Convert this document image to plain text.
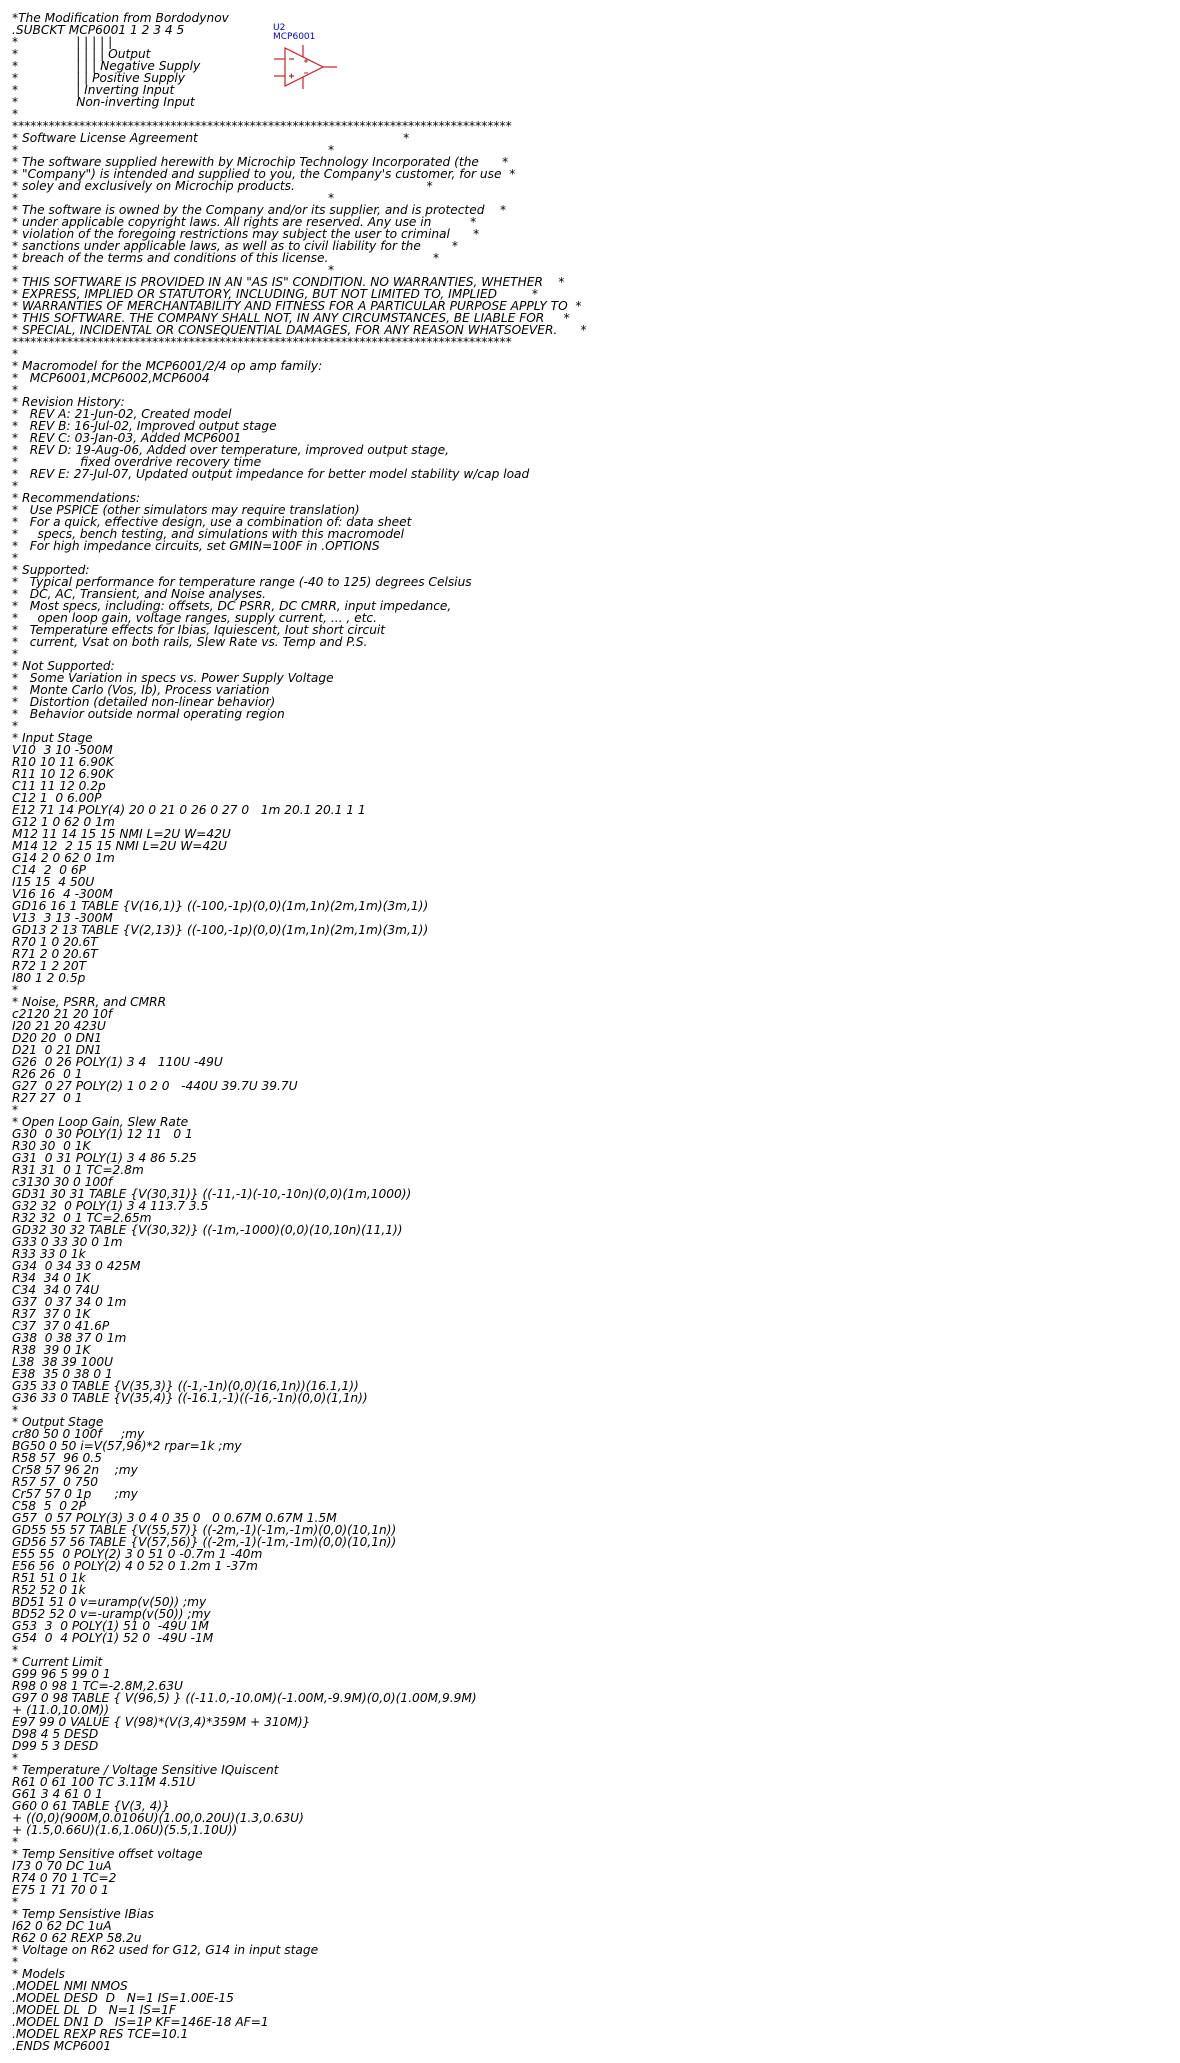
*The Modification from Bordodynov
.SUBCKT MCP6001 1 2 3 4 5
*               | | | | |
*               | | | | Output
*               | | | Negative Supply
*               | | Positive Supply
*               | Inverting Input
*               Non-inverting Input
*
**********************************************************************************
* Software License Agreement                                                     *
*                                                                                *
* The software supplied herewith by Microchip Technology Incorporated (the      *
* "Company") is intended and supplied to you, the Company's customer, for use  *
* soley and exclusively on Microchip products.                                  *
*                                                                                *
* The software is owned by the Company and/or its supplier, and is protected    *
* under applicable copyright laws. All rights are reserved. Any use in          *
* violation of the foregoing restrictions may subject the user to criminal      *
* sanctions under applicable laws, as well as to civil liability for the        *
* breach of the terms and conditions of this license.                           *
*                                                                                *
* THIS SOFTWARE IS PROVIDED IN AN "AS IS" CONDITION. NO WARRANTIES, WHETHER    *
* EXPRESS, IMPLIED OR STATUTORY, INCLUDING, BUT NOT LIMITED TO, IMPLIED         *
* WARRANTIES OF MERCHANTABILITY AND FITNESS FOR A PARTICULAR PURPOSE APPLY TO  *
* THIS SOFTWARE. THE COMPANY SHALL NOT, IN ANY CIRCUMSTANCES, BE LIABLE FOR     *
* SPECIAL, INCIDENTAL OR CONSEQUENTIAL DAMAGES, FOR ANY REASON WHATSOEVER.      *
**********************************************************************************
*
* Macromodel for the MCP6001/2/4 op amp family:
*   MCP6001,MCP6002,MCP6004
*
* Revision History:
*   REV A: 21-Jun-02, Created model
*   REV B: 16-Jul-02, Improved output stage
*   REV C: 03-Jan-03, Added MCP6001
*   REV D: 19-Aug-06, Added over temperature, improved output stage,
*                fixed overdrive recovery time
*   REV E: 27-Jul-07, Updated output impedance for better model stability w/cap load
*
* Recommendations:
*   Use PSPICE (other simulators may require translation)
*   For a quick, effective design, use a combination of: data sheet
*     specs, bench testing, and simulations with this macromodel
*   For high impedance circuits, set GMIN=100F in .OPTIONS
*
* Supported:
*   Typical performance for temperature range (-40 to 125) degrees Celsius
*   DC, AC, Transient, and Noise analyses.
*   Most specs, including: offsets, DC PSRR, DC CMRR, input impedance,
*     open loop gain, voltage ranges, supply current, ... , etc.
*   Temperature effects for Ibias, Iquiescent, Iout short circuit
*   current, Vsat on both rails, Slew Rate vs. Temp and P.S.
*
* Not Supported:
*   Some Variation in specs vs. Power Supply Voltage
*   Monte Carlo (Vos, Ib), Process variation
*   Distortion (detailed non-linear behavior)
*   Behavior outside normal operating region
*
* Input Stage
V10  3 10 -500M
R10 10 11 6.90K
R11 10 12 6.90K
C11 11 12 0.2p
C12 1  0 6.00P
E12 71 14 POLY(4) 20 0 21 0 26 0 27 0   1m 20.1 20.1 1 1
G12 1 0 62 0 1m
M12 11 14 15 15 NMI L=2U W=42U
M14 12  2 15 15 NMI L=2U W=42U
G14 2 0 62 0 1m
C14  2  0 6P
I15 15  4 50U
V16 16  4 -300M
GD16 16 1 TABLE {V(16,1)} ((-100,-1p)(0,0)(1m,1n)(2m,1m)(3m,1))
V13  3 13 -300M
GD13 2 13 TABLE {V(2,13)} ((-100,-1p)(0,0)(1m,1n)(2m,1m)(3m,1))
R70 1 0 20.6T
R71 2 0 20.6T
R72 1 2 20T
I80 1 2 0.5p
*
* Noise, PSRR, and CMRR
c2120 21 20 10f
I20 21 20 423U
D20 20  0 DN1
D21  0 21 DN1
G26  0 26 POLY(1) 3 4   110U -49U
R26 26  0 1
G27  0 27 POLY(2) 1 0 2 0   -440U 39.7U 39.7U
R27 27  0 1
*
* Open Loop Gain, Slew Rate
G30  0 30 POLY(1) 12 11   0 1
R30 30  0 1K
G31  0 31 POLY(1) 3 4 86 5.25
R31 31  0 1 TC=2.8m
c3130 30 0 100f
GD31 30 31 TABLE {V(30,31)} ((-11,-1)(-10,-10n)(0,0)(1m,1000))
G32 32  0 POLY(1) 3 4 113.7 3.5
R32 32  0 1 TC=2.65m
GD32 30 32 TABLE {V(30,32)} ((-1m,-1000)(0,0)(10,10n)(11,1))
G33 0 33 30 0 1m
R33 33 0 1k
G34  0 34 33 0 425M
R34  34 0 1K
C34  34 0 74U
G37  0 37 34 0 1m
R37  37 0 1K
C37  37 0 41.6P
G38  0 38 37 0 1m
R38  39 0 1K
L38  38 39 100U
E38  35 0 38 0 1
G35 33 0 TABLE {V(35,3)} ((-1,-1n)(0,0)(16,1n))(16.1,1))
G36 33 0 TABLE {V(35,4)} ((-16.1,-1)((-16,-1n)(0,0)(1,1n))
*
* Output Stage
cr80 50 0 100f     ;my
BG50 0 50 i=V(57,96)*2 rpar=1k ;my
R58 57  96 0.5
Cr58 57 96 2n    ;my
R57 57  0 750
Cr57 57 0 1p      ;my
C58  5  0 2P
G57  0 57 POLY(3) 3 0 4 0 35 0   0 0.67M 0.67M 1.5M
GD55 55 57 TABLE {V(55,57)} ((-2m,-1)(-1m,-1m)(0,0)(10,1n))
GD56 57 56 TABLE {V(57,56)} ((-2m,-1)(-1m,-1m)(0,0)(10,1n))
E55 55  0 POLY(2) 3 0 51 0 -0.7m 1 -40m
E56 56  0 POLY(2) 4 0 52 0 1.2m 1 -37m
R51 51 0 1k
R52 52 0 1k
BD51 51 0 v=uramp(v(50)) ;my
BD52 52 0 v=-uramp(v(50)) ;my
G53  3  0 POLY(1) 51 0  -49U 1M
G54  0  4 POLY(1) 52 0  -49U -1M
*
* Current Limit
G99 96 5 99 0 1
R98 0 98 1 TC=-2.8M,2.63U
G97 0 98 TABLE { V(96,5) } ((-11.0,-10.0M)(-1.00M,-9.9M)(0,0)(1.00M,9.9M)
+ (11.0,10.0M))
E97 99 0 VALUE { V(98)*(V(3,4)*359M + 310M)}
D98 4 5 DESD
D99 5 3 DESD
*
* Temperature / Voltage Sensitive IQuiscent
R61 0 61 100 TC 3.11M 4.51U
G61 3 4 61 0 1
G60 0 61 TABLE {V(3, 4)}
+ ((0,0)(900M,0.0106U)(1.00,0.20U)(1.3,0.63U)
+ (1.5,0.66U)(1.6,1.06U)(5.5,1.10U))
*
* Temp Sensitive offset voltage
I73 0 70 DC 1uA
R74 0 70 1 TC=2
E75 1 71 70 0 1
*
* Temp Sensistive IBias
I62 0 62 DC 1uA
R62 0 62 REXP 58.2u
* Voltage on R62 used for G12, G14 in input stage
*
* Models
.MODEL NMI NMOS
.MODEL DESD  D   N=1 IS=1.00E-15
.MODEL DL  D   N=1 IS=1F
.MODEL DN1 D   IS=1P KF=146E-18 AF=1
.MODEL REXP RES TCE=10.1
.ENDS MCP6001
U2
MCP6001
